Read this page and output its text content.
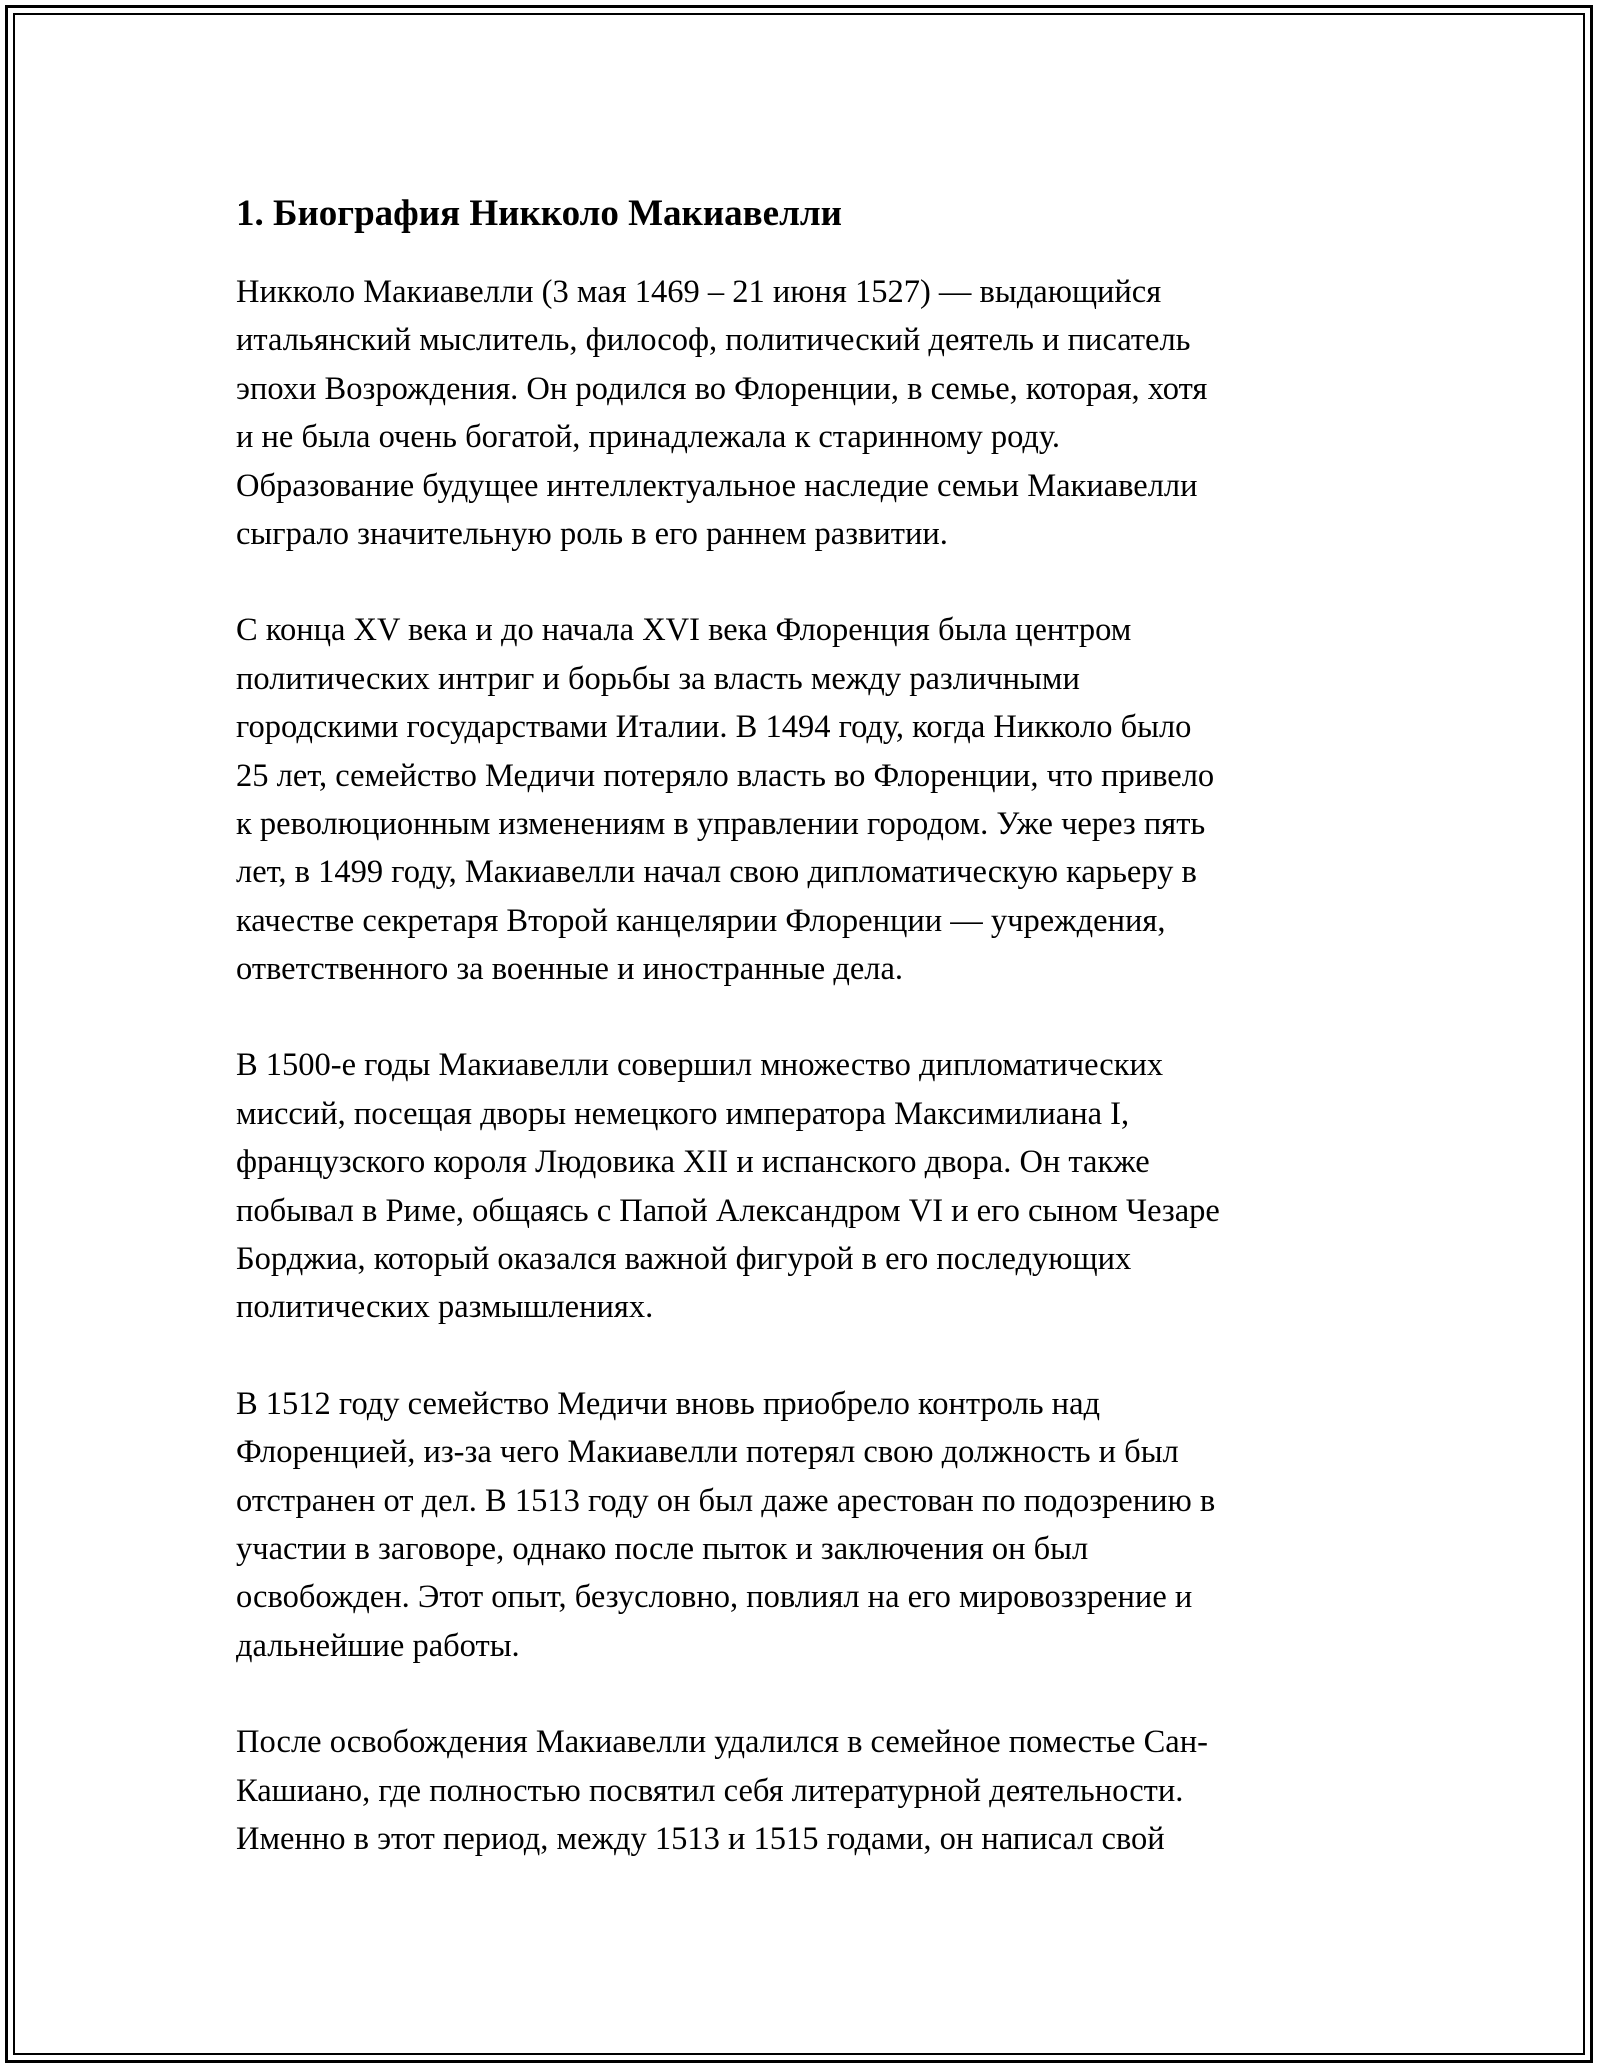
1. Биография Никколо Макиавелли

Никколо Макиавелли (3 мая 1469 – 21 июня 1527) — выдающийся
итальянский мыслитель, философ, политический деятель и писатель
эпохи Возрождения. Он родился во Флоренции, в семье, которая, хотя
и не была очень богатой, принадлежала к старинному роду.
Образование будущее интеллектуальное наследие семьи Макиавелли
сыграло значительную роль в его раннем развитии.

С конца XV века и до начала XVI века Флоренция была центром
политических интриг и борьбы за власть между различными
городскими государствами Италии. В 1494 году, когда Никколо было
25 лет, семейство Медичи потеряло власть во Флоренции, что привело
к революционным изменениям в управлении городом. Уже через пять
лет, в 1499 году, Макиавелли начал свою дипломатическую карьеру в
качестве секретаря Второй канцелярии Флоренции — учреждения,
ответственного за военные и иностранные дела.

В 1500-е годы Макиавелли совершил множество дипломатических
миссий, посещая дворы немецкого императора Максимилиана I,
французского короля Людовика XII и испанского двора. Он также
побывал в Риме, общаясь с Папой Александром VI и его сыном Чезаре
Борджиа, который оказался важной фигурой в его последующих
политических размышлениях.

В 1512 году семейство Медичи вновь приобрело контроль над
Флоренцией, из-за чего Макиавелли потерял свою должность и был
отстранен от дел. В 1513 году он был даже арестован по подозрению в
участии в заговоре, однако после пыток и заключения он был
освобожден. Этот опыт, безусловно, повлиял на его мировоззрение и
дальнейшие работы.

После освобождения Макиавелли удалился в семейное поместье Сан-
Кашиано, где полностью посвятил себя литературной деятельности.
Именно в этот период, между 1513 и 1515 годами, он написал свой
